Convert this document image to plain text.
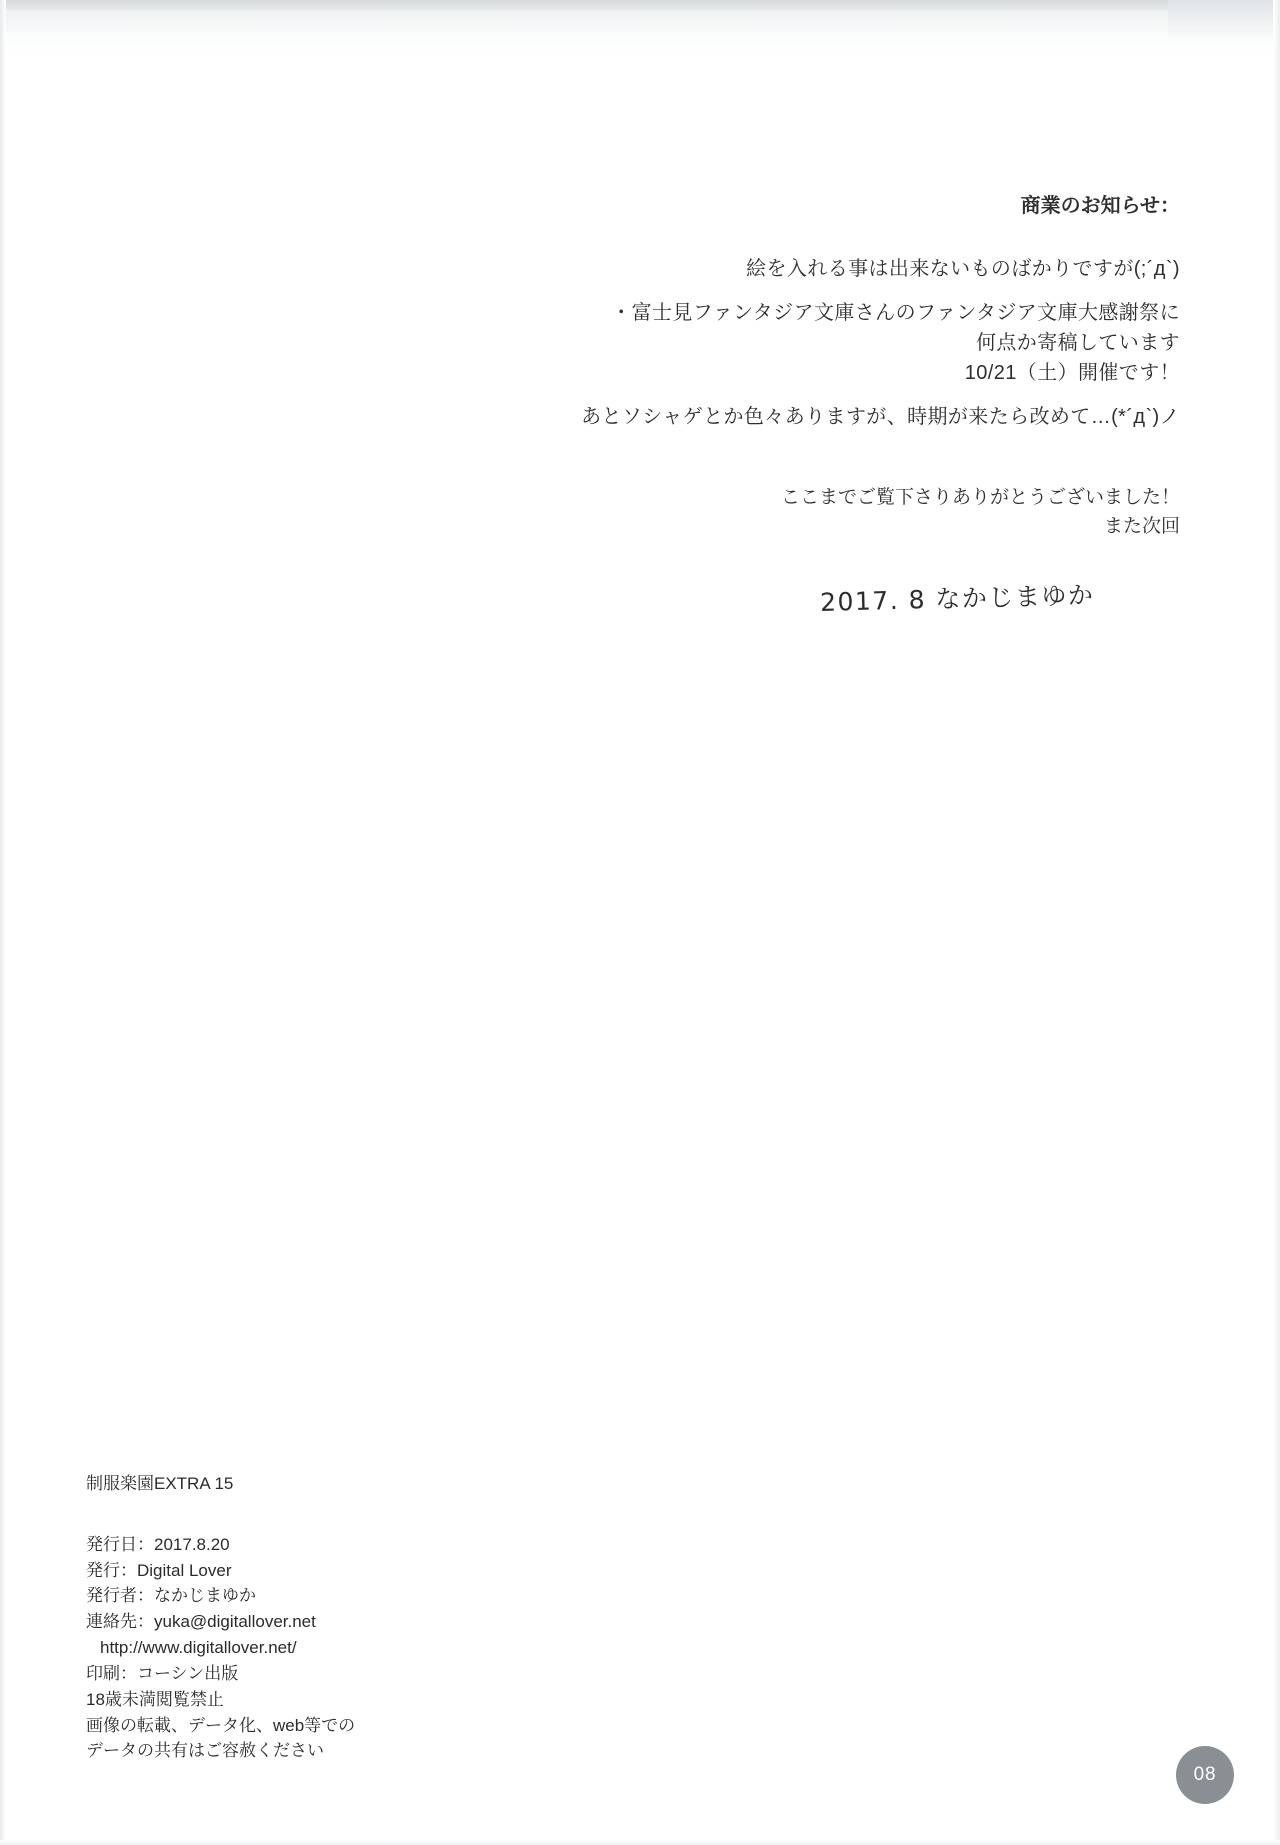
商業のお知らせ：
絵を入れる事は出来ないものばかりですが(;´д`)
・富士見ファンタジア文庫さんのファンタジア文庫大感謝祭に
何点か寄稿しています
10/21（土）開催です！
あとソシャゲとか色々ありますが、時期が来たら改めて…(*´д`)ノ
ここまでご覧下さりありがとうございました！
また次回
2017. 8 なかじまゆか
制服楽園EXTRA 15
発行日：2017.8.20
発行：Digital Lover
発行者：なかじまゆか
連絡先：yuka@digitallover.net
http://www.digitallover.net/
印刷：コーシン出版
18歳未満閲覧禁止
画像の転載、データ化、web等での
データの共有はご容赦ください
08
